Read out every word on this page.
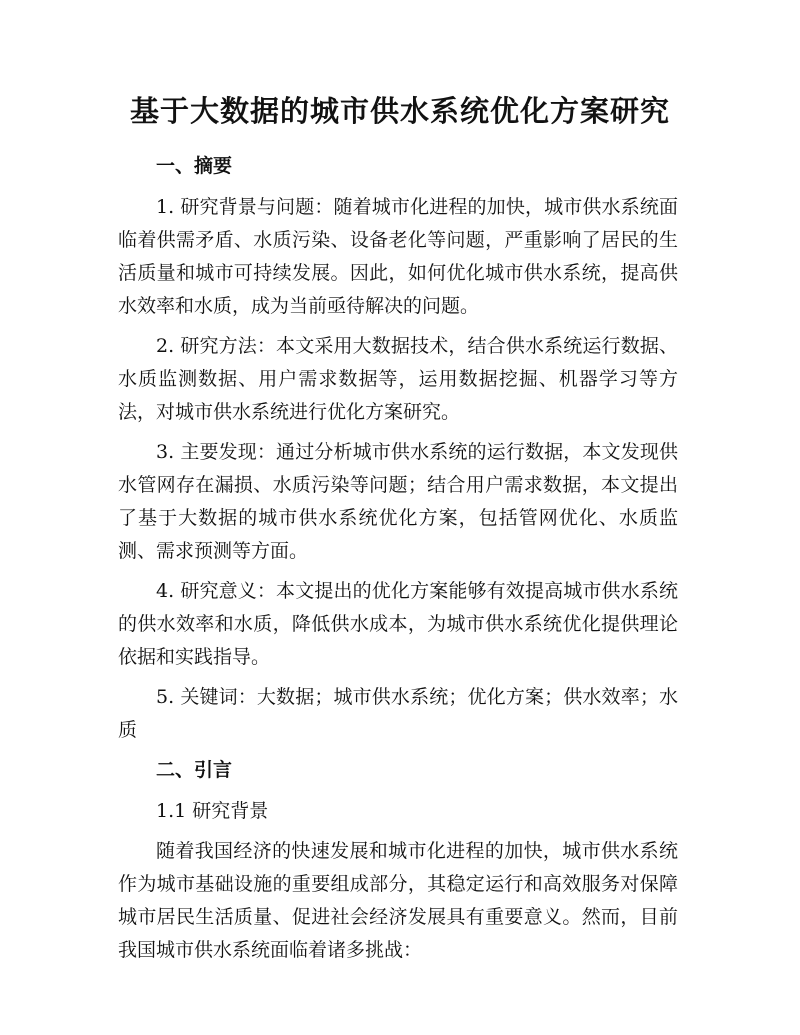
基于大数据的城市供水系统优化方案研究
一、摘要

1. 研究背景与问题：随着城市化进程的加快，城市供水系统面临着供需矛盾、水质污染、设备老化等问题，严重影响了居民的生活质量和城市可持续发展。因此，如何优化城市供水系统，提高供水效率和水质，成为当前亟待解决的问题。

2. 研究方法：本文采用大数据技术，结合供水系统运行数据、水质监测数据、用户需求数据等，运用数据挖掘、机器学习等方法，对城市供水系统进行优化方案研究。

3. 主要发现：通过分析城市供水系统的运行数据，本文发现供水管网存在漏损、水质污染等问题；结合用户需求数据，本文提出了基于大数据的城市供水系统优化方案，包括管网优化、水质监测、需求预测等方面。

4. 研究意义：本文提出的优化方案能够有效提高城市供水系统的供水效率和水质，降低供水成本，为城市供水系统优化提供理论依据和实践指导。

5. 关键词：大数据；城市供水系统；优化方案；供水效率；水质

二、引言
1.1 研究背景

随着我国经济的快速发展和城市化进程的加快，城市供水系统作为城市基础设施的重要组成部分，其稳定运行和高效服务对保障城市居民生活质量、促进社会经济发展具有重要意义。然而，目前我国城市供水系统面临着诸多挑战：
